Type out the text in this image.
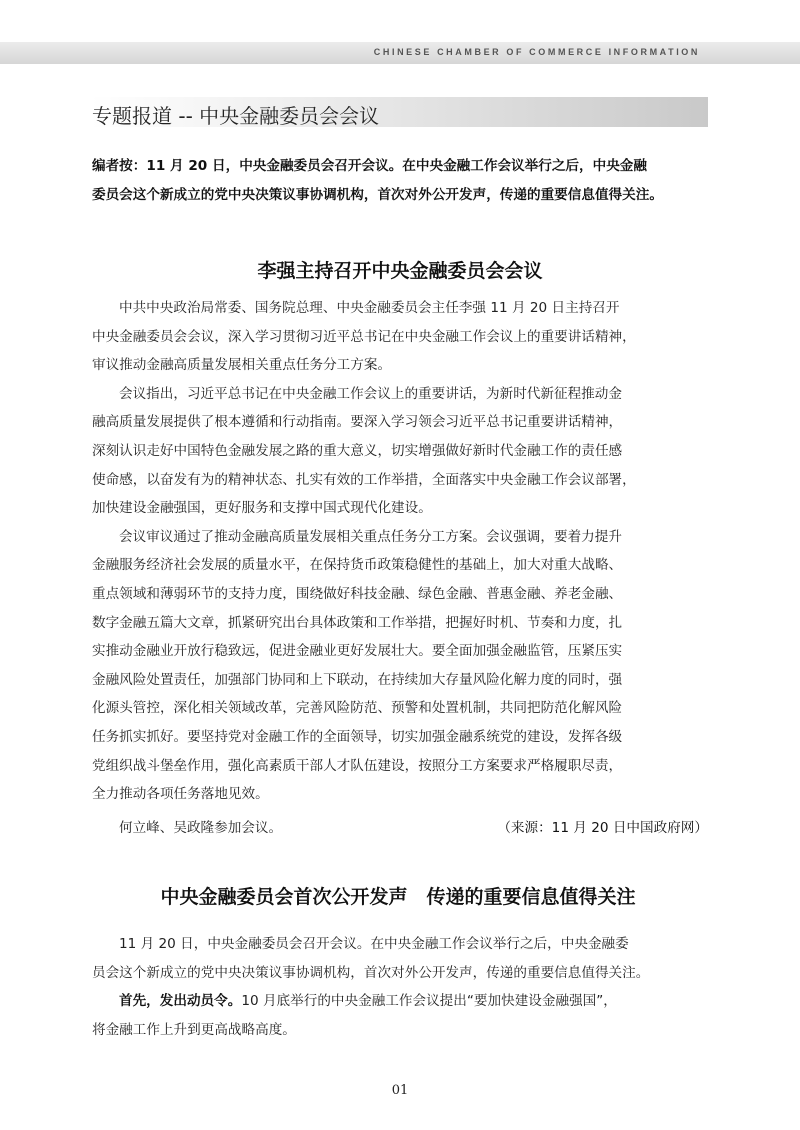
CHINESE CHAMBER OF COMMERCE INFORMATION
专题报道 -- 中央金融委员会会议
编者按：11 月 20 日，中央金融委员会召开会议。在中央金融工作会议举行之后，中央金融
委员会这个新成立的党中央决策议事协调机构，首次对外公开发声，传递的重要信息值得关注。
李强主持召开中央金融委员会会议
中共中央政治局常委、国务院总理、中央金融委员会主任李强 11 月 20 日主持召开
中央金融委员会会议，深入学习贯彻习近平总书记在中央金融工作会议上的重要讲话精神，
审议推动金融高质量发展相关重点任务分工方案。
会议指出，习近平总书记在中央金融工作会议上的重要讲话，为新时代新征程推动金
融高质量发展提供了根本遵循和行动指南。要深入学习领会习近平总书记重要讲话精神，
深刻认识走好中国特色金融发展之路的重大意义，切实增强做好新时代金融工作的责任感
使命感，以奋发有为的精神状态、扎实有效的工作举措，全面落实中央金融工作会议部署，
加快建设金融强国，更好服务和支撑中国式现代化建设。
会议审议通过了推动金融高质量发展相关重点任务分工方案。会议强调，要着力提升
金融服务经济社会发展的质量水平，在保持货币政策稳健性的基础上，加大对重大战略、
重点领域和薄弱环节的支持力度，围绕做好科技金融、绿色金融、普惠金融、养老金融、
数字金融五篇大文章，抓紧研究出台具体政策和工作举措，把握好时机、节奏和力度，扎
实推动金融业开放行稳致远，促进金融业更好发展壮大。要全面加强金融监管，压紧压实
金融风险处置责任，加强部门协同和上下联动，在持续加大存量风险化解力度的同时，强
化源头管控，深化相关领域改革，完善风险防范、预警和处置机制，共同把防范化解风险
任务抓实抓好。要坚持党对金融工作的全面领导，切实加强金融系统党的建设，发挥各级
党组织战斗堡垒作用，强化高素质干部人才队伍建设，按照分工方案要求严格履职尽责，
全力推动各项任务落地见效。
何立峰、吴政隆参加会议。	（来源：11 月 20 日中国政府网）
中央金融委员会首次公开发声　传递的重要信息值得关注
11 月 20 日，中央金融委员会召开会议。在中央金融工作会议举行之后，中央金融委
员会这个新成立的党中央决策议事协调机构，首次对外公开发声，传递的重要信息值得关注。
首先，发出动员令。10 月底举行的中央金融工作会议提出“要加快建设金融强国”，
将金融工作上升到更高战略高度。
01
